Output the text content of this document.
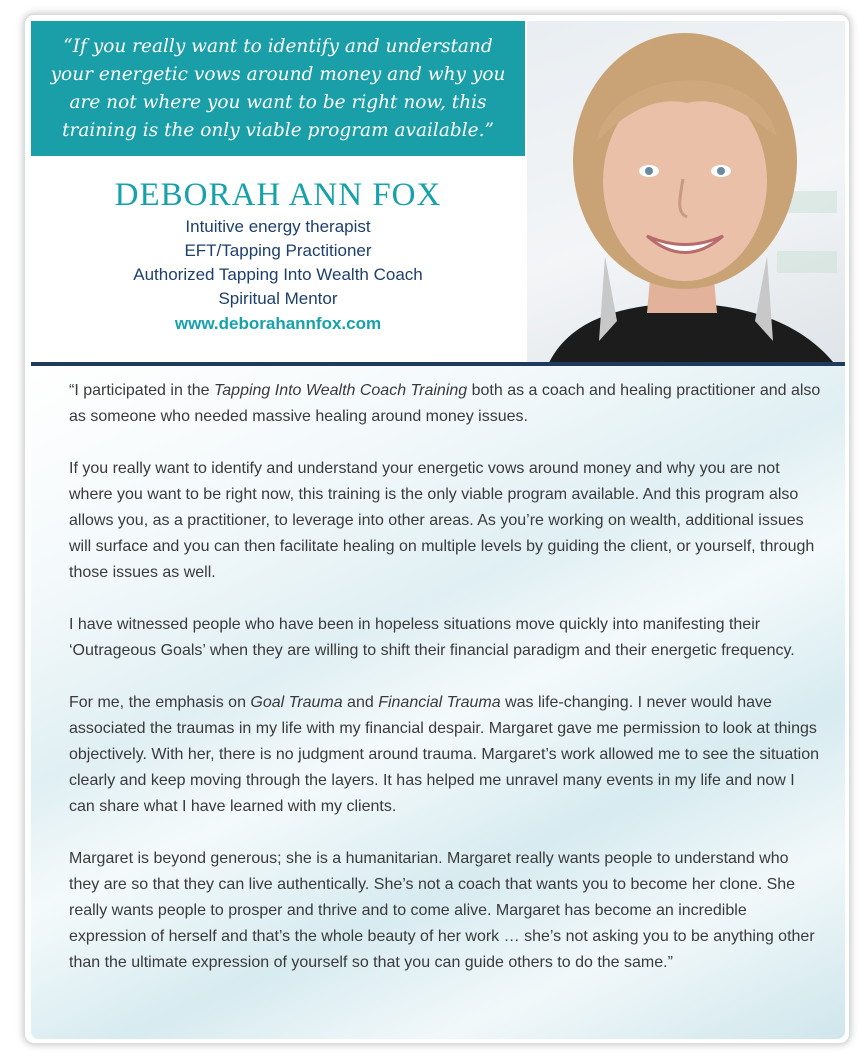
“If you really want to identify and understand your energetic vows around money and why you are not where you want to be right now, this training is the only viable program available.”
DEBORAH ANN FOX
Intuitive energy therapist
EFT/Tapping Practitioner
Authorized Tapping Into Wealth Coach
Spiritual Mentor
www.deborahannfox.com

“I participated in the Tapping Into Wealth Coach Training both as a coach and healing practitioner and also as someone who needed massive healing around money issues.

If you really want to identify and understand your energetic vows around money and why you are not where you want to be right now, this training is the only viable program available. And this program also allows you, as a practitioner, to leverage into other areas. As you’re working on wealth, additional issues will surface and you can then facilitate healing on multiple levels by guiding the client, or yourself, through those issues as well.

I have witnessed people who have been in hopeless situations move quickly into manifesting their ‘Outrageous Goals’ when they are willing to shift their financial paradigm and their energetic frequency.

For me, the emphasis on Goal Trauma and Financial Trauma was life-changing. I never would have associated the traumas in my life with my financial despair. Margaret gave me permission to look at things objectively. With her, there is no judgment around trauma. Margaret’s work allowed me to see the situation clearly and keep moving through the layers. It has helped me unravel many events in my life and now I can share what I have learned with my clients.

Margaret is beyond generous; she is a humanitarian. Margaret really wants people to understand who they are so that they can live authentically. She’s not a coach that wants you to become her clone. She really wants people to prosper and thrive and to come alive. Margaret has become an incredible expression of herself and that’s the whole beauty of her work … she’s not asking you to be anything other than the ultimate expression of yourself so that you can guide others to do the same.”
